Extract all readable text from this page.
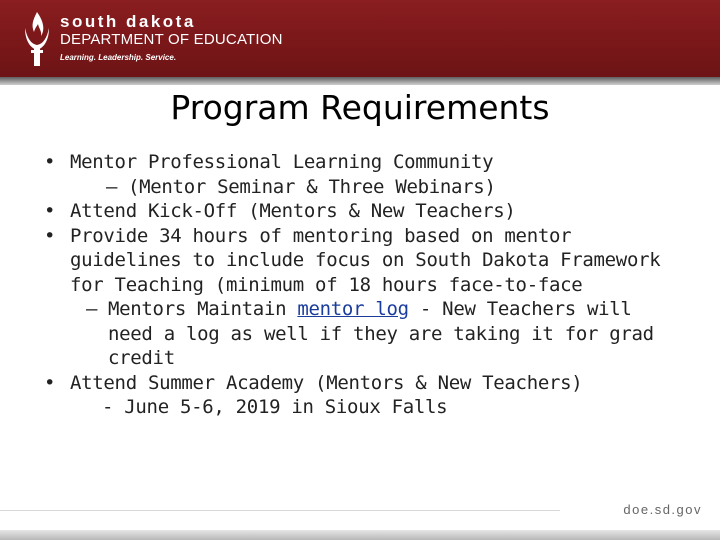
south dakota
DEPARTMENT OF EDUCATION
Learning. Leadership. Service.
Program Requirements
• Mentor Professional Learning Community
– (Mentor Seminar & Three Webinars)
• Attend Kick-Off (Mentors & New Teachers)
• Provide 34 hours of mentoring based on mentor guidelines to include focus on South Dakota Framework for Teaching (minimum of 18 hours face-to-face
– Mentors Maintain mentor log - New Teachers will need a log as well if they are taking it for grad credit
• Attend Summer Academy (Mentors & New Teachers)
- June 5-6, 2019 in Sioux Falls
doe.sd.gov
